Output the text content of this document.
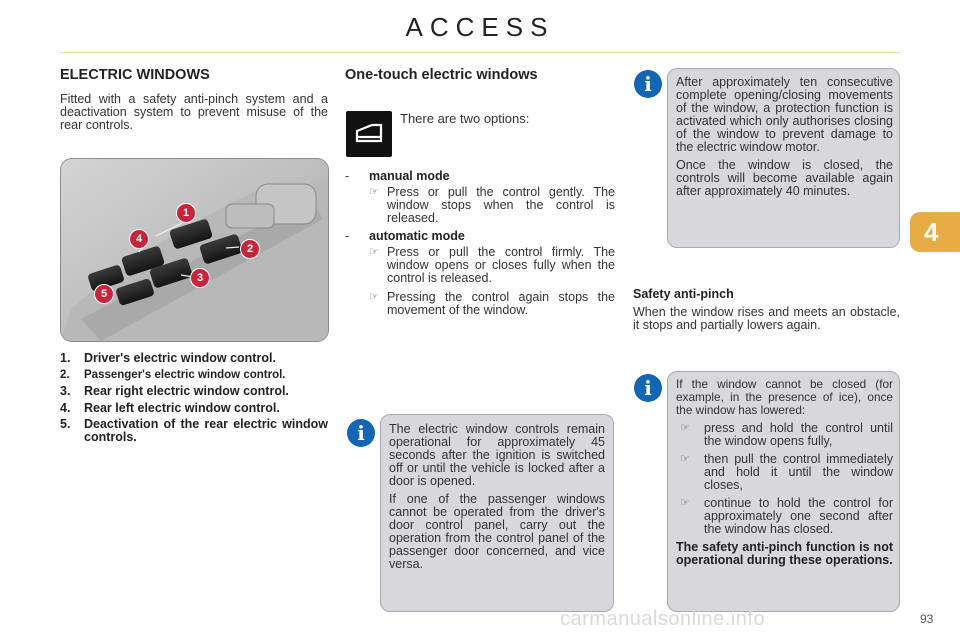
ACCESS
4
ELECTRIC WINDOWS

Fitted with a safety anti-pinch system and a deactivation system to prevent misuse of the rear controls.

1
2
3
4
5
1.	Driver's electric window control.
2.	Passenger's electric window control.
3.	Rear right electric window control.
4.	Rear left electric window control.
5.	Deactivation of the rear electric window controls.
One-touch electric windows

There are two options:

-	manual mode
☞ Press or pull the control gently. The window stops when the control is released.
-	automatic mode
☞ Press or pull the control firmly. The window opens or closes fully when the control is released.
☞ Pressing the control again stops the movement of the window.
i	The electric window controls remain operational for approximately 45 seconds after the ignition is switched off or until the vehicle is locked after a door is opened.

If one of the passenger windows cannot be operated from the driver's door control panel, carry out the operation from the control panel of the passenger door concerned, and vice versa.

i	After approximately ten consecutive complete opening/closing movements of the window, a protection function is activated which only authorises closing of the window to prevent damage to the electric window motor.

Once the window is closed, the controls will become available again after approximately 40 minutes.

Safety anti-pinch

When the window rises and meets an obstacle, it stops and partially lowers again.

i	If the window cannot be closed (for example, in the presence of ice), once the window has lowered:

☞	press and hold the control until the window opens fully,
☞	then pull the control immediately and hold it until the window closes,
☞	continue to hold the control for approximately one second after the window has closed.

The safety anti-pinch function is not operational during these operations.

carmanualsonline.info	93
